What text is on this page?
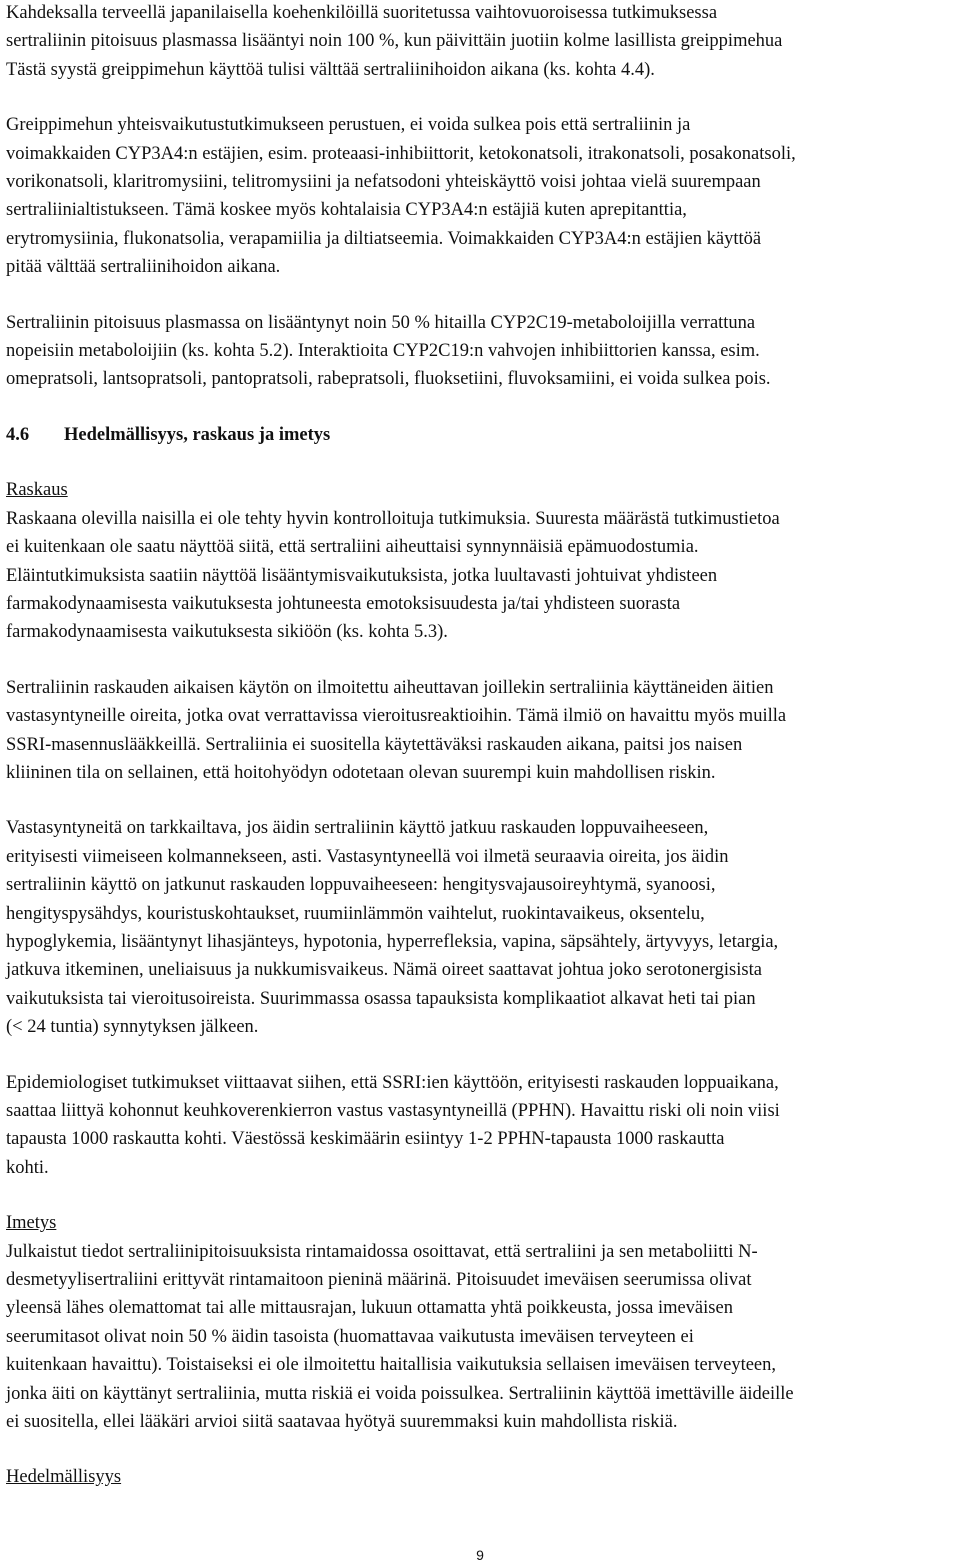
Kahdeksalla terveellä japanilaisella koehenkilöillä suoritetussa vaihtovuoroisessa tutkimuksessa
sertraliinin pitoisuus plasmassa lisääntyi noin 100 %, kun päivittäin juotiin kolme lasillista greippimehua
Tästä syystä greippimehun käyttöä tulisi välttää sertraliinihoidon aikana (ks. kohta 4.4).
Greippimehun yhteisvaikutustutkimukseen perustuen, ei voida sulkea pois että sertraliinin ja
voimakkaiden CYP3A4:n estäjien, esim. proteaasi-inhibiittorit, ketokonatsoli, itrakonatsoli, posakonatsoli,
vorikonatsoli, klaritromysiini, telitromysiini ja nefatsodoni yhteiskäyttö voisi johtaa vielä suurempaan
sertraliinialtistukseen. Tämä koskee myös kohtalaisia CYP3A4:n estäjiä kuten aprepitanttia,
erytromysiinia, flukonatsolia, verapamiilia ja diltiatseemia. Voimakkaiden CYP3A4:n estäjien käyttöä
pitää välttää sertraliinihoidon aikana.
Sertraliinin pitoisuus plasmassa on lisääntynyt noin 50 % hitailla CYP2C19-metaboloijilla verrattuna
nopeisiin metaboloijiin (ks. kohta 5.2). Interaktioita CYP2C19:n vahvojen inhibiittorien kanssa, esim.
omepratsoli, lantsopratsoli, pantopratsoli, rabepratsoli, fluoksetiini, fluvoksamiini, ei voida sulkea pois.
4.6 Hedelmällisyys, raskaus ja imetys
Raskaus
Raskaana olevilla naisilla ei ole tehty hyvin kontrolloituja tutkimuksia. Suuresta määrästä tutkimustietoa
ei kuitenkaan ole saatu näyttöä siitä, että sertraliini aiheuttaisi synnynnäisiä epämuodostumia.
Eläintutkimuksista saatiin näyttöä lisääntymisvaikutuksista, jotka luultavasti johtuivat yhdisteen
farmakodynaamisesta vaikutuksesta johtuneesta emotoksisuudesta ja/tai yhdisteen suorasta
farmakodynaamisesta vaikutuksesta sikiöön (ks. kohta 5.3).
Sertraliinin raskauden aikaisen käytön on ilmoitettu aiheuttavan joillekin sertraliinia käyttäneiden äitien
vastasyntyneille oireita, jotka ovat verrattavissa vieroitusreaktioihin. Tämä ilmiö on havaittu myös muilla
SSRI-masennuslääkkeillä. Sertraliinia ei suositella käytettäväksi raskauden aikana, paitsi jos naisen
kliininen tila on sellainen, että hoitohyödyn odotetaan olevan suurempi kuin mahdollisen riskin.
Vastasyntyneitä on tarkkailtava, jos äidin sertraliinin käyttö jatkuu raskauden loppuvaiheeseen,
erityisesti viimeiseen kolmannekseen, asti. Vastasyntyneellä voi ilmetä seuraavia oireita, jos äidin
sertraliinin käyttö on jatkunut raskauden loppuvaiheeseen: hengitysvajausoireyhtymä, syanoosi,
hengityspysähdys, kouristuskohtaukset, ruumiinlämmön vaihtelut, ruokintavaikeus, oksentelu,
hypoglykemia, lisääntynyt lihasjänteys, hypotonia, hyperrefleksia, vapina, säpsähtely, ärtyvyys, letargia,
jatkuva itkeminen, uneliaisuus ja nukkumisvaikeus. Nämä oireet saattavat johtua joko serotonergisista
vaikutuksista tai vieroitusoireista. Suurimmassa osassa tapauksista komplikaatiot alkavat heti tai pian
(< 24 tuntia) synnytyksen jälkeen.
Epidemiologiset tutkimukset viittaavat siihen, että SSRI:ien käyttöön, erityisesti raskauden loppuaikana,
saattaa liittyä kohonnut keuhkoverenkierron vastus vastasyntyneillä (PPHN). Havaittu riski oli noin viisi
tapausta 1000 raskautta kohti. Väestössä keskimäärin esiintyy 1-2 PPHN-tapausta 1000 raskautta
kohti.
Imetys
Julkaistut tiedot sertraliinipitoisuuksista rintamaidossa osoittavat, että sertraliini ja sen metaboliitti N-
desmetyylisertraliini erittyvät rintamaitoon pieninä määrinä. Pitoisuudet imeväisen seerumissa olivat
yleensä lähes olemattomat tai alle mittausrajan, lukuun ottamatta yhtä poikkeusta, jossa imeväisen
seerumitasot olivat noin 50 % äidin tasoista (huomattavaa vaikutusta imeväisen terveyteen ei
kuitenkaan havaittu). Toistaiseksi ei ole ilmoitettu haitallisia vaikutuksia sellaisen imeväisen terveyteen,
jonka äiti on käyttänyt sertraliinia, mutta riskiä ei voida poissulkea. Sertraliinin käyttöä imettäville äideille
ei suositella, ellei lääkäri arvioi siitä saatavaa hyötyä suuremmaksi kuin mahdollista riskiä.
Hedelmällisyys
9
